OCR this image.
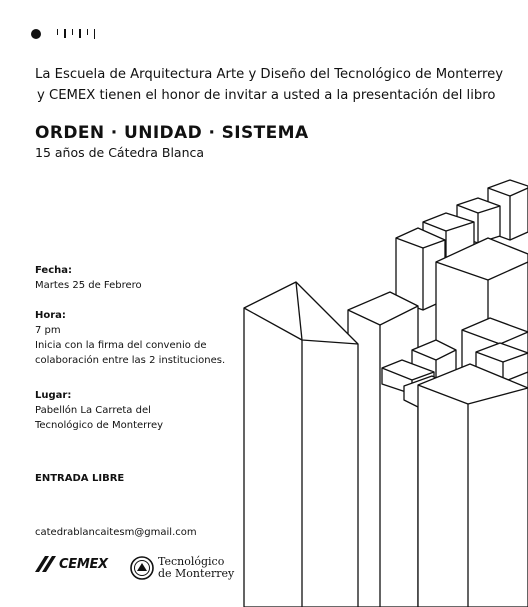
La Escuela de Arquitectura Arte y Diseño del Tecnológico de Monterrey
y CEMEX tienen el honor de invitar a usted a la presentación del libro
ORDEN · UNIDAD · SISTEMA
15 años de Cátedra Blanca
Fecha:
Martes 25 de Febrero
Hora:
7 pm
Inicia con la firma del convenio de
colaboración entre las 2 instituciones.
Lugar:
Pabellón La Carreta del
Tecnológico de Monterrey
ENTRADA LIBRE
catedrablancaitesm@gmail.com
CEMEX	Tecnológico
de Monterrey
